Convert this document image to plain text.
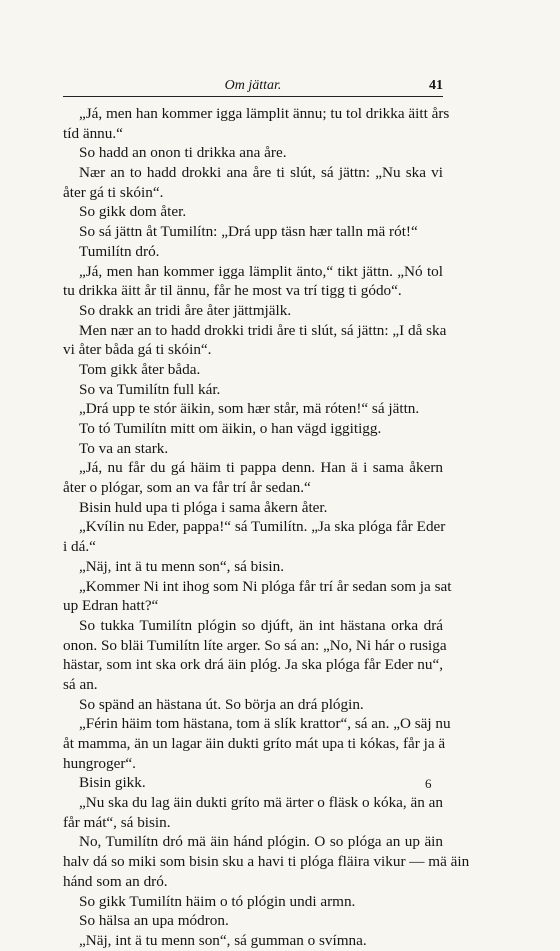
Om jättar.	41
„Já, men han kommer igga lämplit ännu; tu tol drikka äitt års
tíd ännu.“
So hadd an onon ti drikka ana åre.
Nær an to hadd drokki ana åre ti slút, sá jättn: „Nu ska vi
åter gá ti skóin“.
So gikk dom åter.
So sá jättn åt Tumilítn: „Drá upp täsn hær talln mä rót!“
Tumilítn dró.
„Já, men han kommer igga lämplit änto,“ tikt jättn. „Nó tol
tu drikka äitt år til ännu, får he most va trí tigg ti gódo“.
So drakk an tridi åre åter jättmjälk.
Men nær an to hadd drokki tridi åre ti slút, sá jättn: „I då ska
vi åter båda gá ti skóin“.
Tom gikk åter båda.
So va Tumilítn full kár.
„Drá upp te stór äikin, som hær står, mä róten!“ sá jättn.
To tó Tumilítn mitt om äikin, o han vägd iggitigg.
To va an stark.
„Já, nu får du gá häim ti pappa denn. Han ä i sama åkern
åter o plógar, som an va får trí år sedan.“
Bisin huld upa ti plóga i sama åkern åter.
„Kvílin nu Eder, pappa!“ sá Tumilítn. „Ja ska plóga får Eder
i dá.“
„Näj, int ä tu menn son“, sá bisin.
„Kommer Ni int ihog som Ni plóga får trí år sedan som ja sat
up Edran hatt?“
So tukka Tumilítn plógin so djúft, än int hästana orka drá
onon. So bläi Tumilítn líte arger. So sá an: „No, Ni hár o rusiga
hästar, som int ska ork drá äin plóg. Ja ska plóga får Eder nu“,
sá an.
So spänd an hästana út. So börja an drá plógin.
„Férin häim tom hästana, tom ä slík krattor“, sá an. „O säj nu
åt mamma, än un lagar äin dukti gríto mát upa ti kókas, får ja ä
hungroger“.
Bisin gikk.
„Nu ska du lag äin dukti gríto mä ärter o fläsk o kóka, än an
får mát“, sá bisin.
No, Tumilítn dró mä äin hánd plógin. O so plóga an up äin
halv dá so miki som bisin sku a havi ti plóga fläira vikur — mä äin
hánd som an dró.
So gikk Tumilítn häim o tó plógin undi armn.
So hälsa an upa módron.
„Näj, int ä tu menn son“, sá gumman o svímna.
6
